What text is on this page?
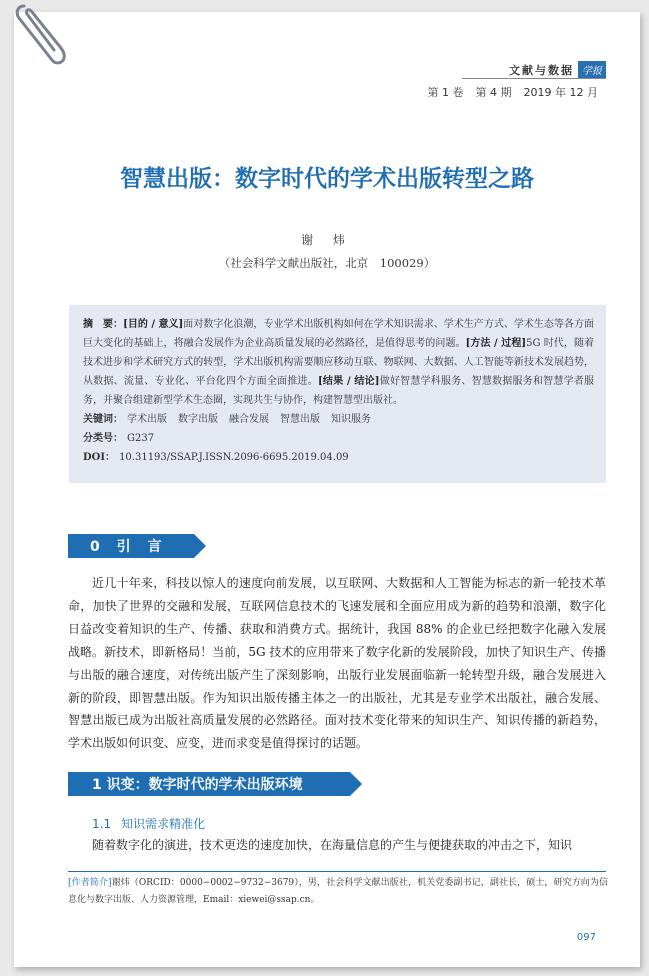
文献与数据 学报
第 1 卷 第 4 期 2019 年 12 月
智慧出版：数字时代的学术出版转型之路
谢 炜
（社会科学文献出版社，北京　100029）

摘　要：[目的 / 意义]面对数字化浪潮，专业学术出版机构如何在学术知识需求、学术生产方式、学术生态等各方面巨大变化的基础上，将融合发展作为企业高质量发展的必然路径，是值得思考的问题。[方法 / 过程]5G 时代，随着技术进步和学术研究方式的转型，学术出版机构需要顺应移动互联、物联网、大数据、人工智能等新技术发展趋势，从数据、流量、专业化、平台化四个方面全面推进。[结果 / 结论]做好智慧学科服务、智慧数据服务和智慧学者服务，并聚合组建新型学术生态圈，实现共生与协作，构建智慧型出版社。

关键词： 学术出版 数字出版 融合发展 智慧出版 知识服务
分类号： G237
DOI： 10.31193/SSAP.J.ISSN.2096-6695.2019.04.09
0 引 言

近几十年来，科技以惊人的速度向前发展，以互联网、大数据和人工智能为标志的新一轮技术革命，加快了世界的交融和发展，互联网信息技术的飞速发展和全面应用成为新的趋势和浪潮，数字化日益改变着知识的生产、传播、获取和消费方式。据统计，我国 88% 的企业已经把数字化融入发展战略。新技术，即新格局！当前，5G 技术的应用带来了数字化新的发展阶段，加快了知识生产、传播与出版的融合速度，对传统出版产生了深刻影响，出版行业发展面临新一轮转型升级，融合发展进入新的阶段，即智慧出版。作为知识出版传播主体之一的出版社，尤其是专业学术出版社，融合发展、智慧出版已成为出版社高质量发展的必然路径。面对技术变化带来的知识生产、知识传播的新趋势，学术出版如何识变、应变，进而求变是值得探讨的话题。

1 识变：数字时代的学术出版环境
1.1 知识需求精准化

随着数字化的演进，技术更迭的速度加快，在海量信息的产生与便捷获取的冲击之下，知识

[作者简介]谢炜（ORCID：0000−0002−9732−3679），男，社会科学文献出版社，机关党委副书记，副社长，硕士，研究方向为信息化与数字出版、人力资源管理，Email：xiewei@ssap.cn。

097
